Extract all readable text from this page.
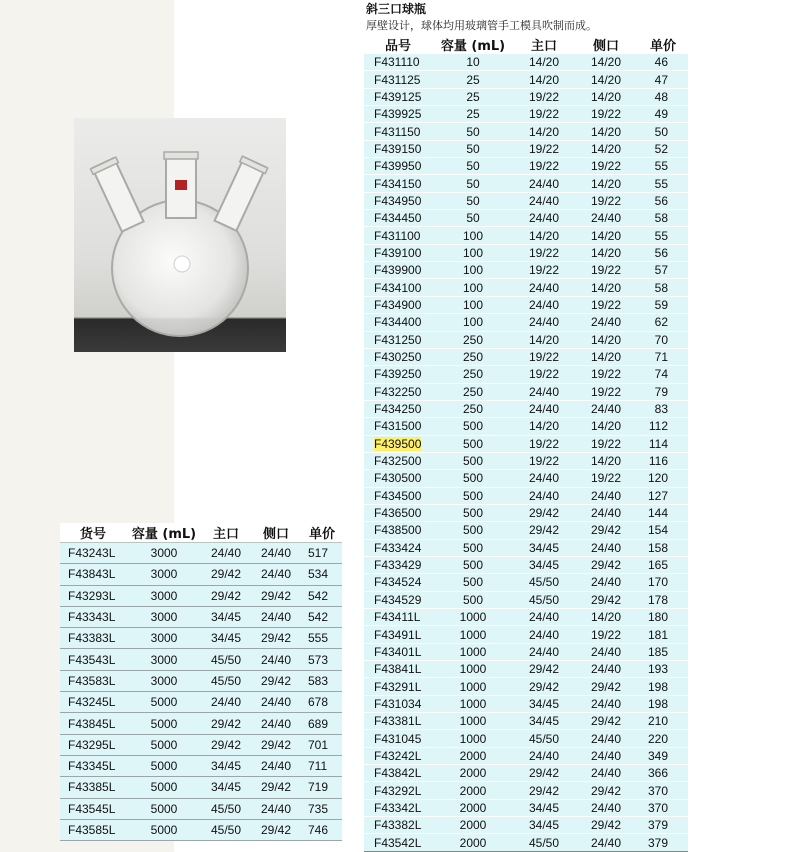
斜三口球瓶
厚壁设计，球体均用玻璃管手工模具吹制而成。
品号	容量 (mL)	主口	侧口	单价
F431110	10	14/20	14/20	46
F431125	25	14/20	14/20	47
F439125	25	19/22	14/20	48
F439925	25	19/22	19/22	49
F431150	50	14/20	14/20	50
F439150	50	19/22	14/20	52
F439950	50	19/22	19/22	55
F434150	50	24/40	14/20	55
F434950	50	24/40	19/22	56
F434450	50	24/40	24/40	58
F431100	100	14/20	14/20	55
F439100	100	19/22	14/20	56
F439900	100	19/22	19/22	57
F434100	100	24/40	14/20	58
F434900	100	24/40	19/22	59
F434400	100	24/40	24/40	62
F431250	250	14/20	14/20	70
F430250	250	19/22	14/20	71
F439250	250	19/22	19/22	74
F432250	250	24/40	19/22	79
F434250	250	24/40	24/40	83
F431500	500	14/20	14/20	112
F439500	500	19/22	19/22	114
F432500	500	19/22	14/20	116
F430500	500	24/40	19/22	120
F434500	500	24/40	24/40	127
F436500	500	29/42	24/40	144
F438500	500	29/42	29/42	154
F433424	500	34/45	24/40	158
F433429	500	34/45	29/42	165
F434524	500	45/50	24/40	170
F434529	500	45/50	29/42	178
F43411L	1000	24/40	14/20	180
F43491L	1000	24/40	19/22	181
F43401L	1000	24/40	24/40	185
F43841L	1000	29/42	24/40	193
F43291L	1000	29/42	29/42	198
F431034	1000	34/45	24/40	198
F43381L	1000	34/45	29/42	210
F431045	1000	45/50	24/40	220
F43242L	2000	24/40	24/40	349
F43842L	2000	29/42	24/40	366
F43292L	2000	29/42	29/42	370
F43342L	2000	34/45	24/40	370
F43382L	2000	34/45	29/42	379
F43542L	2000	45/50	24/40	379
货号	容量 (mL)	主口	侧口	单价
F43243L	3000	24/40	24/40	517
F43843L	3000	29/42	24/40	534
F43293L	3000	29/42	29/42	542
F43343L	3000	34/45	24/40	542
F43383L	3000	34/45	29/42	555
F43543L	3000	45/50	24/40	573
F43583L	3000	45/50	29/42	583
F43245L	5000	24/40	24/40	678
F43845L	5000	29/42	24/40	689
F43295L	5000	29/42	29/42	701
F43345L	5000	34/45	24/40	711
F43385L	5000	34/45	29/42	719
F43545L	5000	45/50	24/40	735
F43585L	5000	45/50	29/42	746
